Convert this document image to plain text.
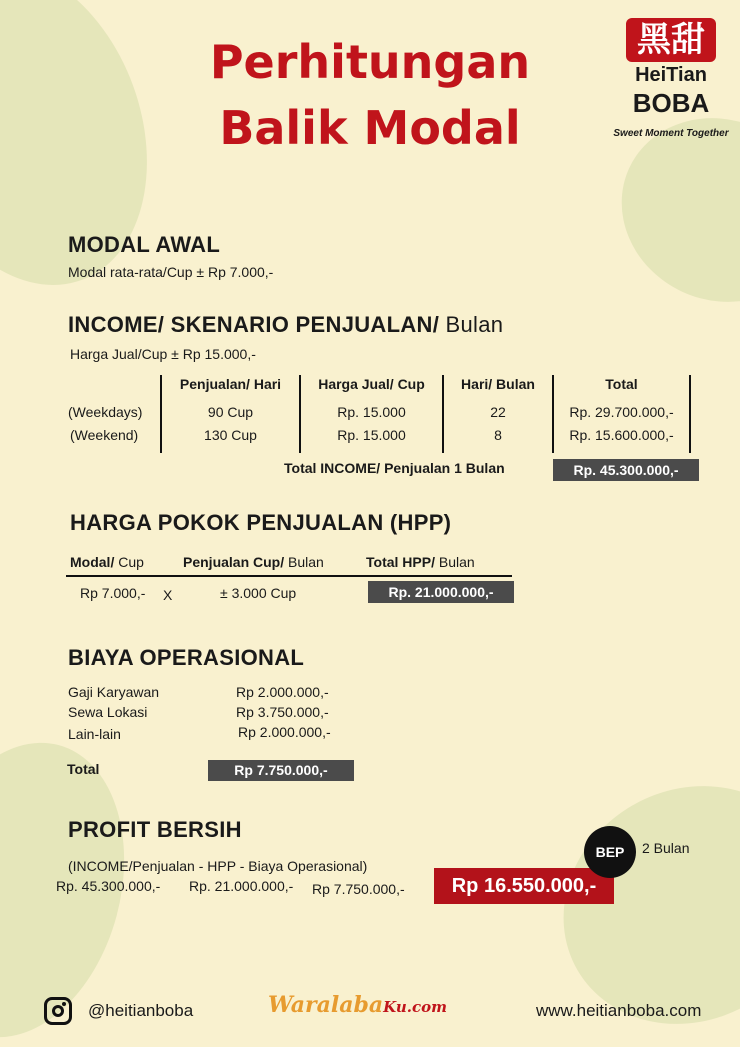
Perhitungan
Balik Modal
黑甜
HeiTian
BOBA
Sweet Moment Together
MODAL AWAL
Modal rata-rata/Cup ± Rp 7.000,-
INCOME/ SKENARIO PENJUALAN/ Bulan
Harga Jual/Cup ± Rp 15.000,-
Penjualan/ Hari	Harga Jual/ Cup	Hari/ Bulan	Total
(Weekdays)	90 Cup	Rp. 15.000	22	Rp. 29.700.000,-
(Weekend)	130 Cup	Rp. 15.000	8	Rp. 15.600.000,-
Total INCOME/ Penjualan 1 Bulan	Rp. 45.300.000,-
HARGA POKOK PENJUALAN (HPP)
Modal/ Cup	Penjualan Cup/ Bulan	Total HPP/ Bulan
Rp 7.000,- X	± 3.000 Cup	Rp. 21.000.000,-
BIAYA OPERASIONAL
Gaji Karyawan	Rp 2.000.000,-
Sewa Lokasi	Rp 3.750.000,-
Lain-lain	Rp 2.000.000,-
Total	Rp 7.750.000,-
PROFIT BERSIH
(INCOME/Penjualan - HPP - Biaya Operasional)
Rp. 45.300.000,- Rp. 21.000.000,- Rp 7.750.000,-	Rp 16.550.000,-
BEP	2 Bulan
@heitianboba	WaralabaKu.com	www.heitianboba.com
